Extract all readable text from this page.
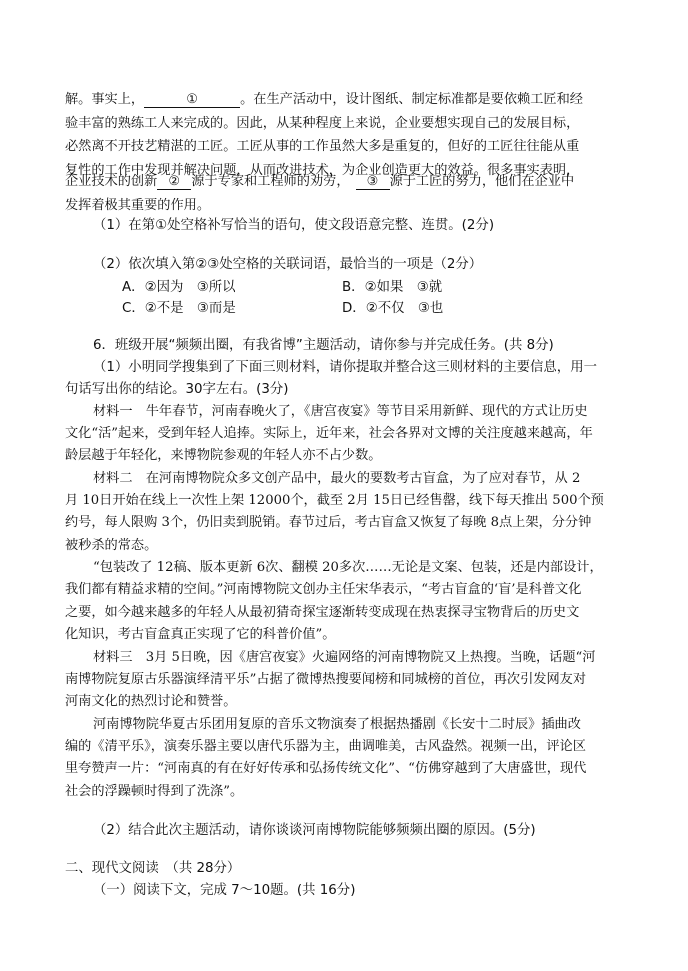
解。事实上，	①	。在生产活动中，设计图纸、制定标准都是要依赖工匠和经
验丰富的熟练工人来完成的。因此，从某种程度上来说，企业要想实现自己的发展目标，
必然离不开技艺精湛的工匠。工匠从事的工作虽然大多是重复的，但好的工匠往往能从重
复性的工作中发现并解决问题，从而改进技术，为企业创造更大的效益。很多事实表明，
企业技术的创新 ② 源于专家和工程师的劝劳， ③ 源于工匠的努力，他们在企业中
发挥着极其重要的作用。
（1）在第①处空格补写恰当的语句，使文段语意完整、连贯。(2分)
（2）依次填入第②③处空格的关联词语，最恰当的一项是（2分）
A．②因为　③所以	B．②如果　③就
C．②不是　③而是	D．②不仅　③也
6．班级开展“频频出圈，有我省博”主题活动，请你参与并完成任务。(共 8分)
（1）小明同学搜集到了下面三则材料，请你提取并整合这三则材料的主要信息，用一
句话写出你的结论。30字左右。(3分)
材料一　牛年春节，河南春晚火了，《唐宫夜宴》等节目采用新鲜、现代的方式让历史
文化“活”起来，受到年轻人追捧。实际上，近年来，社会各界对文博的关注度越来越高，年
龄层越于年轻化，来博物院参观的年轻人亦不占少数。
材料二　在河南博物院众多文创产品中，最火的要数考古盲盒，为了应对春节，从 2
月 10日开始在线上一次性上架 12000个，截至 2月 15日已经售罄，线下每天推出 500个预
约号，每人限购 3个，仍旧卖到脱销。春节过后，考古盲盒又恢复了每晚 8点上架，分分钟
被秒杀的常态。
“包装改了 12稿、版本更新 6次、翻模 20多次……无论是文案、包装，还是内部设计，
我们都有精益求精的空间。”河南博物院文创办主任宋华表示，“考古盲盒的‘盲’是科普文化
之要，如今越来越多的年轻人从最初猜奇探宝逐渐转变成现在热衷探寻宝物背后的历史文
化知识，考古盲盒真正实现了它的科普价值”。
材料三　3月 5日晚，因《唐宫夜宴》火遍网络的河南博物院又上热搜。当晚，话题“河
南博物院复原古乐器演绎清平乐”占据了微博热搜要闻榜和同城榜的首位，再次引发网友对
河南文化的热烈讨论和赞誉。
河南博物院华夏古乐团用复原的音乐文物演奏了根据热播剧《长安十二时辰》插曲改
编的《清平乐》，演奏乐器主要以唐代乐器为主，曲调唯美，古风盎然。视频一出，评论区
里夸赞声一片：“河南真的有在好好传承和弘扬传统文化”、“仿佛穿越到了大唐盛世，现代
社会的浮躁顿时得到了洗涤”。
（2）结合此次主题活动，请你谈谈河南博物院能够频频出圈的原因。(5分)
二、现代文阅读　（共 28分）
（一）阅读下文，完成 7～10题。(共 16分)
